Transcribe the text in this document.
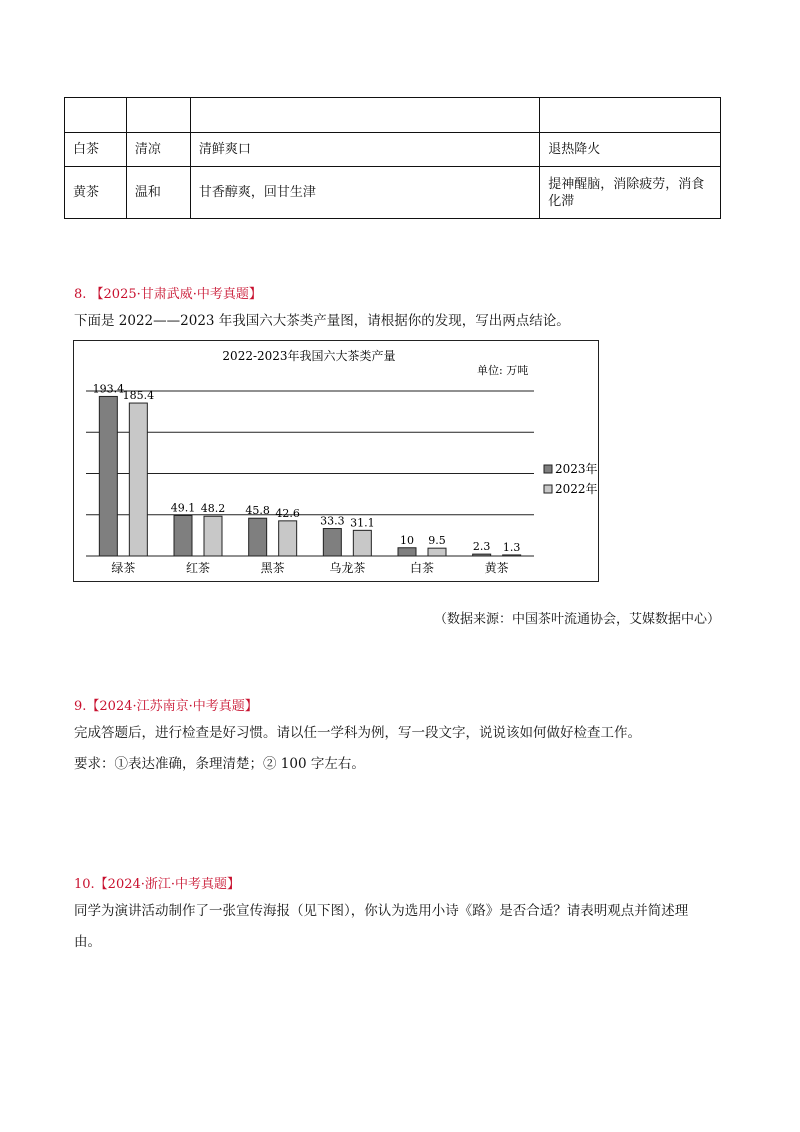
白茶	清凉	清鲜爽口	退热降火
黄茶	温和	甘香醇爽，回甘生津	提神醒脑，消除疲劳，消食化滞
8. 【2025·甘肃武威·中考真题】
下面是 2022——2023 年我国六大茶类产量图，请根据你的发现，写出两点结论。
2022-2023年我国六大茶类产量
单位: 万吨
193.4
185.4
绿茶
49.1 48.2
红茶
45.8 42.6
黑茶
33.3 31.1
乌龙茶
10 9.5
白茶
2.3 1.3
黄茶
2023年
2022年
（数据来源：中国茶叶流通协会，艾媒数据中心）
9.【2024·江苏南京·中考真题】
完成答题后，进行检查是好习惯。请以任一学科为例，写一段文字，说说该如何做好检查工作。
要求：①表达准确，条理清楚；② 100 字左右。
10.【2024·浙江·中考真题】
同学为演讲活动制作了一张宣传海报（见下图），你认为选用小诗《路》是否合适？请表明观点并简述理
由。
